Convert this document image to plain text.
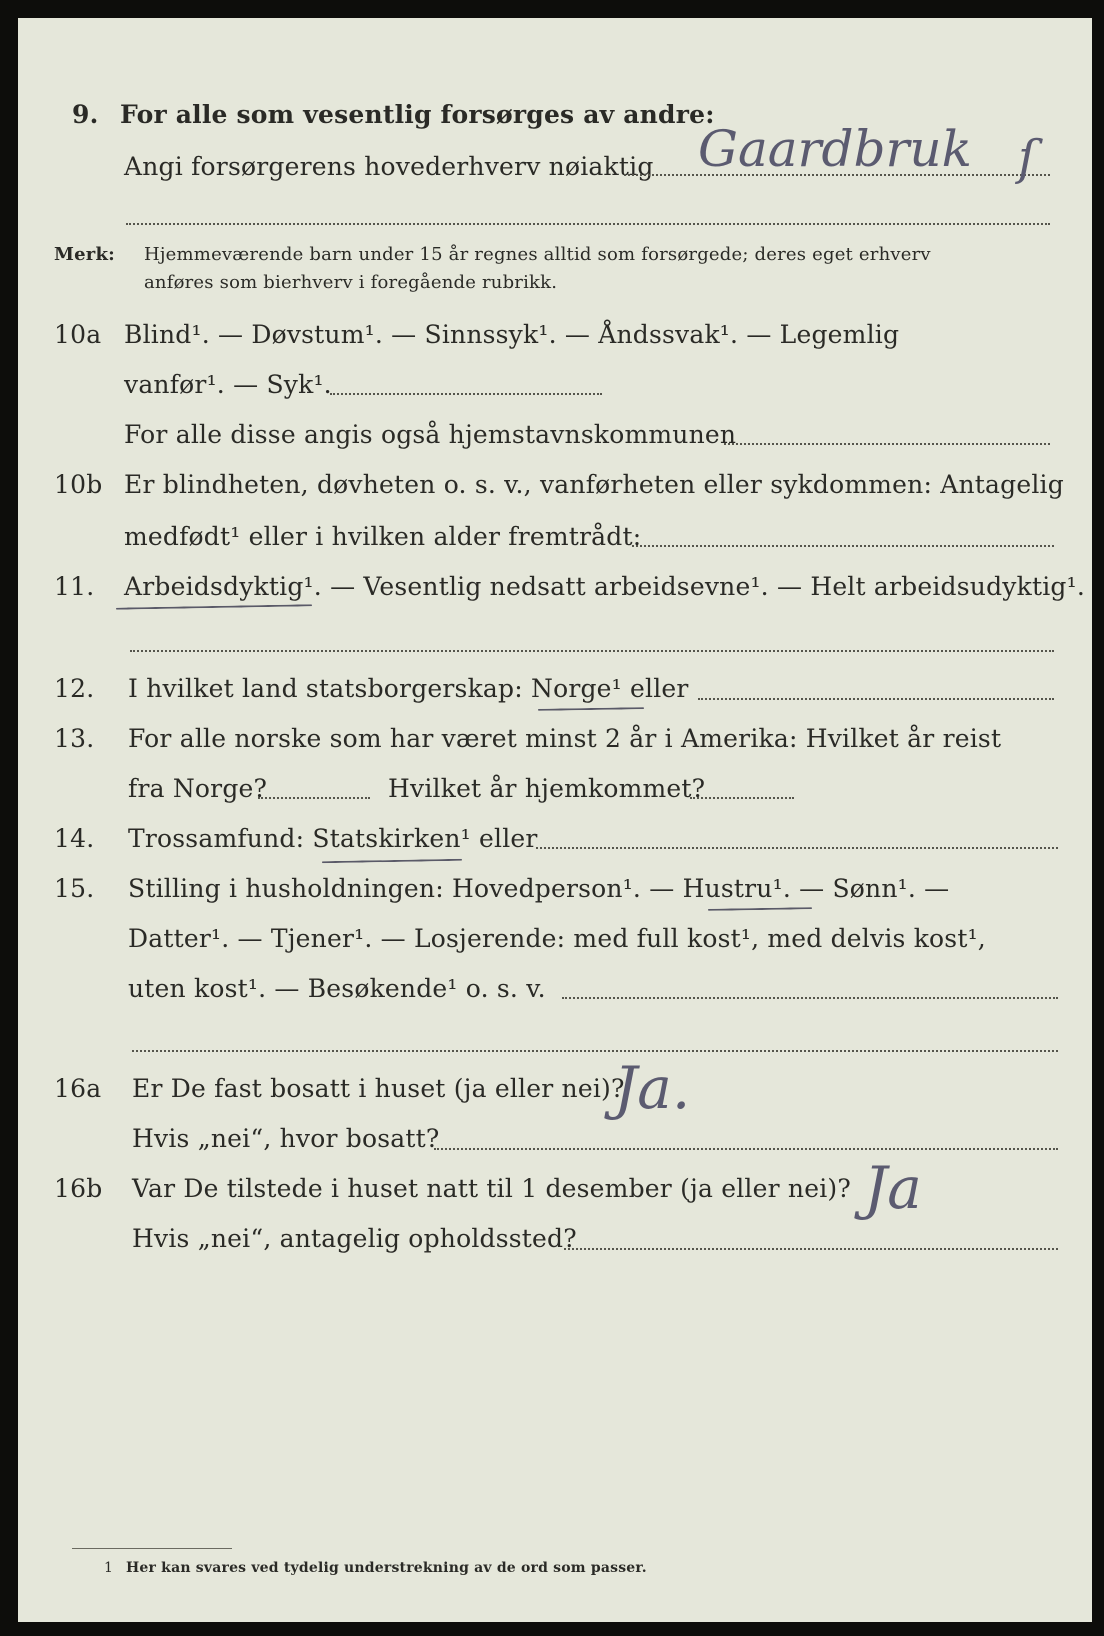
9. For alle som vesentlig forsørges av andre:
Angi forsørgerens hovederhverv nøiaktig Gaardbruk ſ
Merk: Hjemmeværende barn under 15 år regnes alltid som forsørgede; deres eget erhverv
anføres som bierhverv i foregående rubrikk.
10a Blind¹. — Døvstum¹. — Sinnssyk¹. — Åndssvak¹. — Legemlig
vanfør¹. — Syk¹.
For alle disse angis også hjemstavnskommunen
10b Er blindheten, døvheten o. s. v., vanførheten eller sykdommen: Antagelig
medfødt¹ eller i hvilken alder fremtrådt:
11. Arbeidsdyktig¹. — Vesentlig nedsatt arbeidsevne¹. — Helt arbeidsudyktig¹.
12. I hvilket land statsborgerskap: Norge¹ eller
13. For alle norske som har været minst 2 år i Amerika: Hvilket år reist
fra Norge?	Hvilket år hjemkommet?
14. Trossamfund: Statskirken¹ eller
15. Stilling i husholdningen: Hovedperson¹. — Hustru¹. — Sønn¹. —
Datter¹. — Tjener¹. — Losjerende: med full kost¹, med delvis kost¹,
uten kost¹. — Besøkende¹ o. s. v.
16a Er De fast bosatt i huset (ja eller nei)?
Ja.
Hvis „nei“, hvor bosatt?
16b Var De tilstede i huset natt til 1 desember (ja eller nei)? Ja
Hvis „nei“, antagelig opholdssted?
1 Her kan svares ved tydelig understrekning av de ord som passer.
